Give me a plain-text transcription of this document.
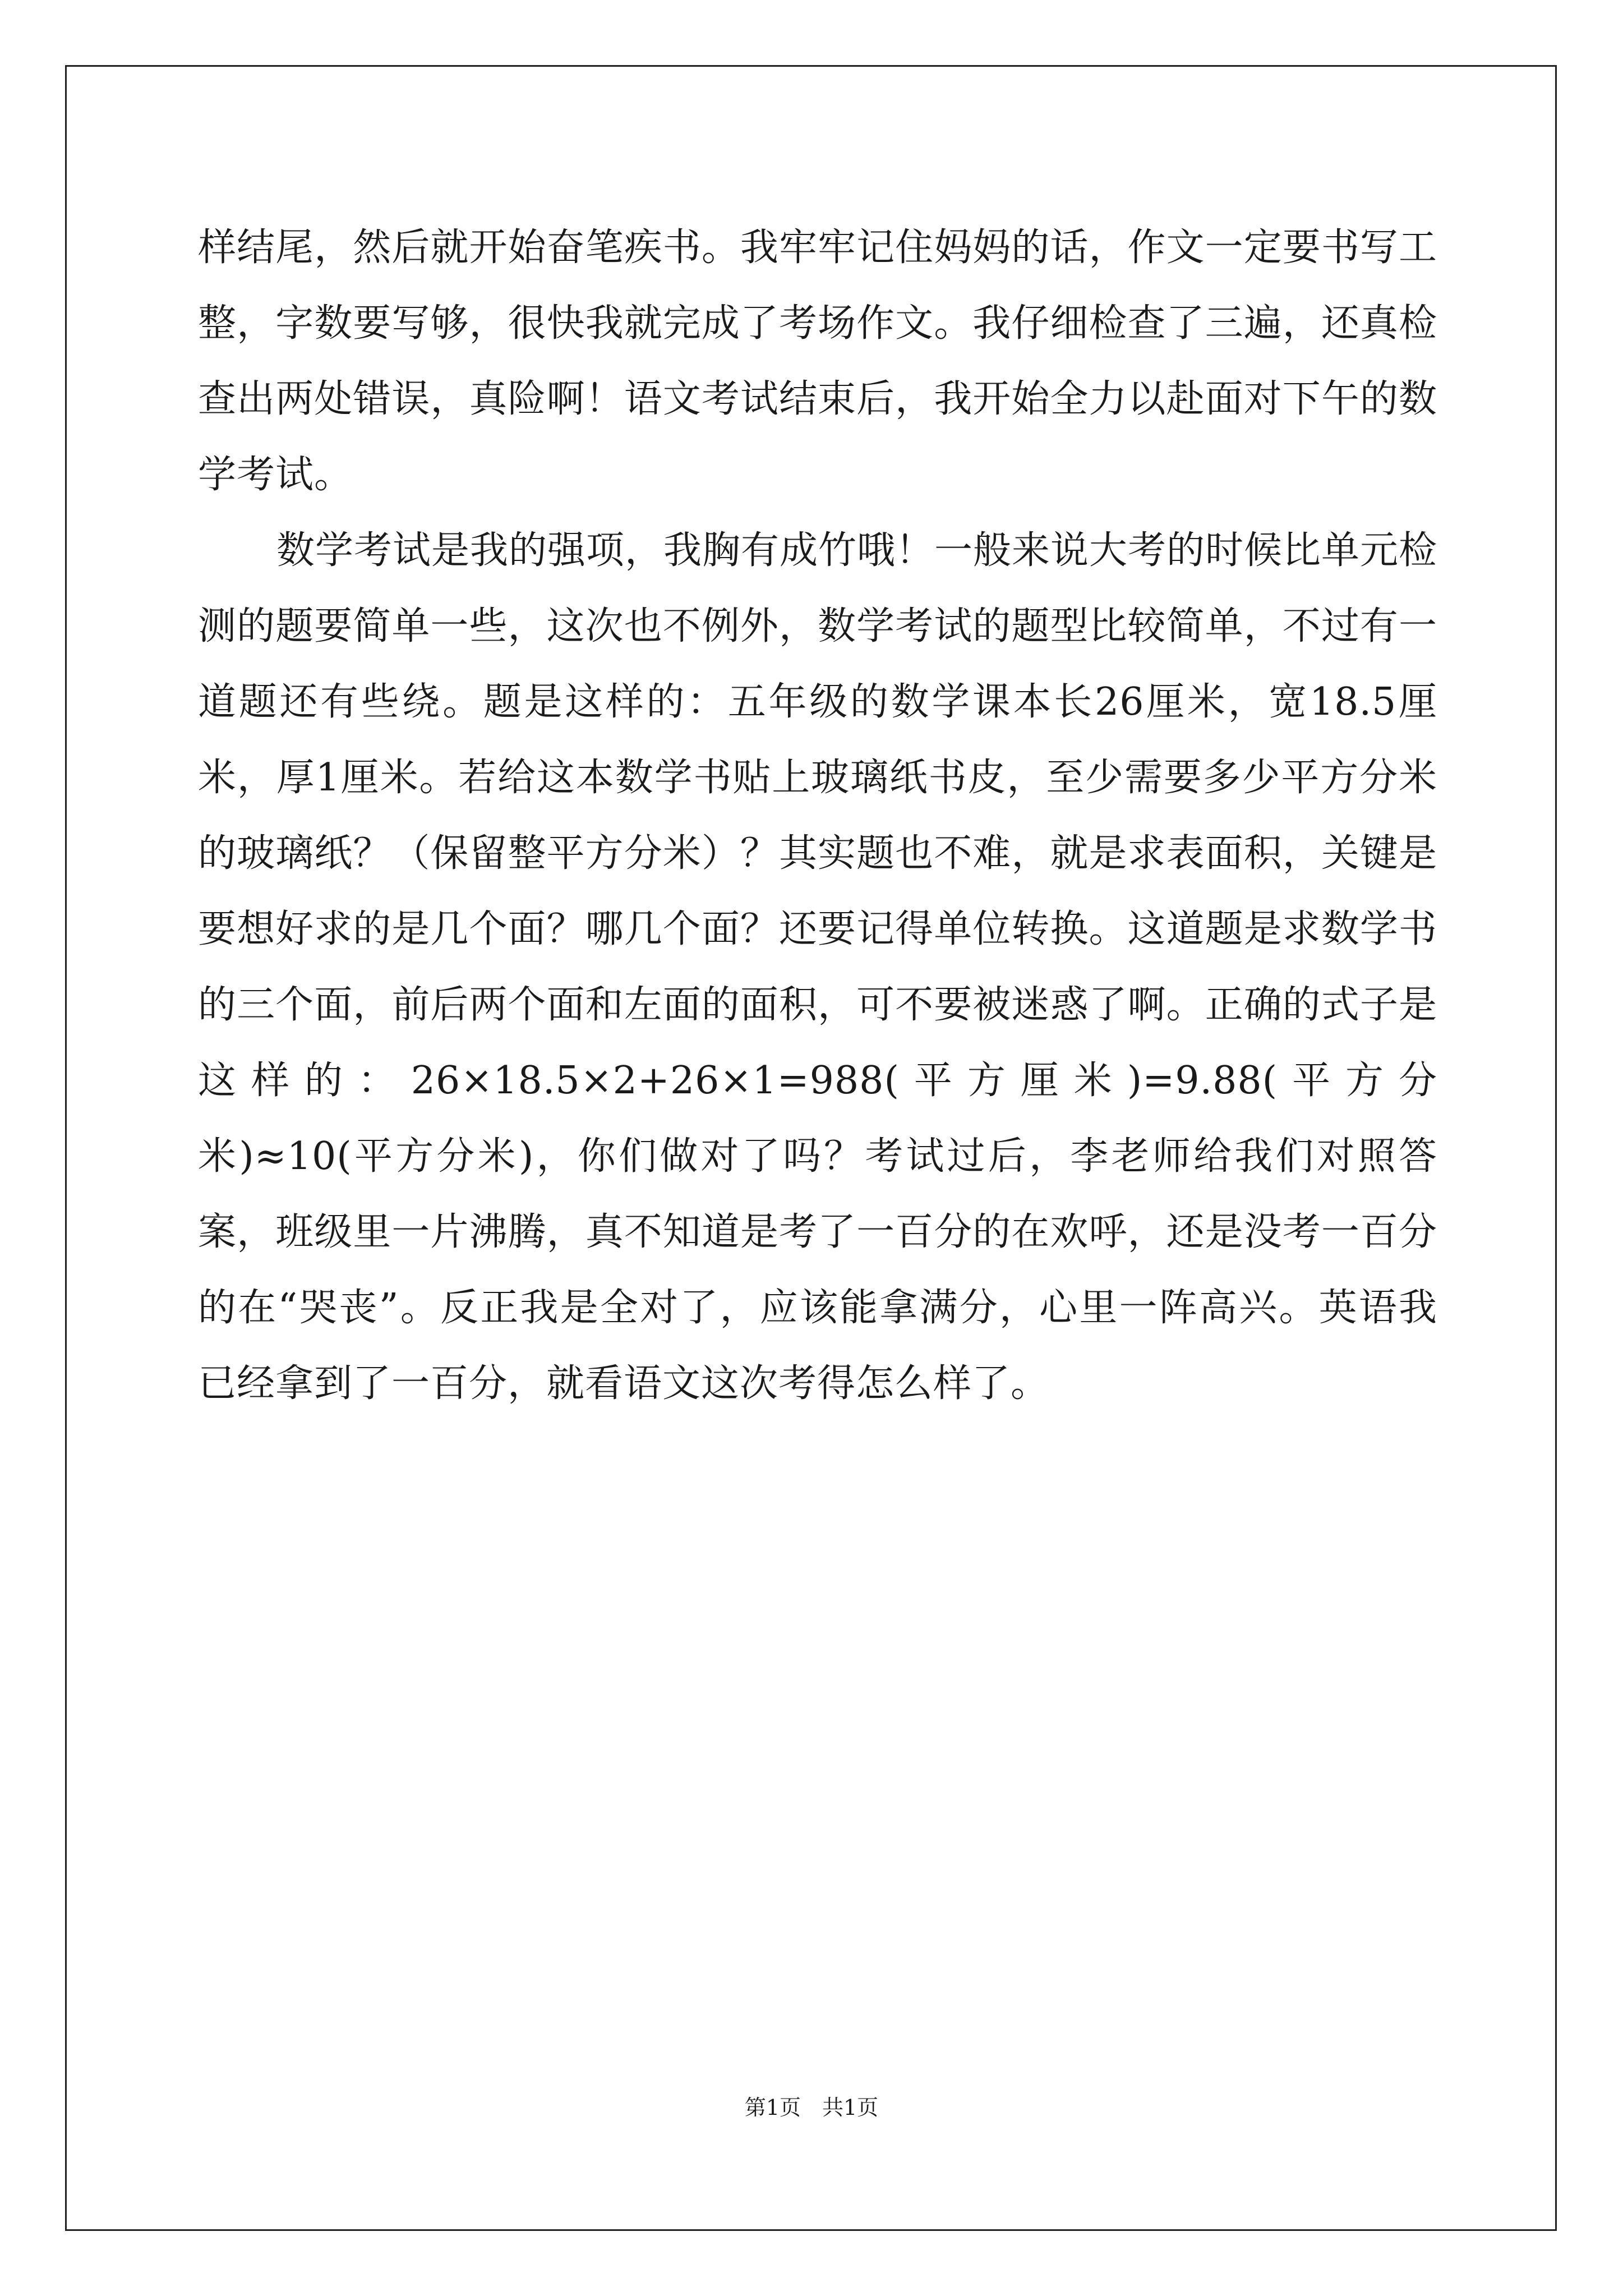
样结尾，然后就开始奋笔疾书。我牢牢记住妈妈的话，作文一定要书写工整，字数要写够，很快我就完成了考场作文。我仔细检查了三遍，还真检查出两处错误，真险啊！语文考试结束后，我开始全力以赴面对下午的数学考试。

数学考试是我的强项，我胸有成竹哦！一般来说大考的时候比单元检测的题要简单一些，这次也不例外，数学考试的题型比较简单，不过有一道题还有些绕。题是这样的：五年级的数学课本长26厘米，宽18.5厘米，厚1厘米。若给这本数学书贴上玻璃纸书皮，至少需要多少平方分米的玻璃纸？（保留整平方分米）？其实题也不难，就是求表面积，关键是要想好求的是几个面？哪几个面？还要记得单位转换。这道题是求数学书的三个面，前后两个面和左面的面积，可不要被迷惑了啊。正确的式子是这样的：26×18.5×2+26×1=988(平方厘米)=9.88(平方分米)≈10(平方分米)，你们做对了吗？考试过后，李老师给我们对照答案，班级里一片沸腾，真不知道是考了一百分的在欢呼，还是没考一百分的在“哭丧”。反正我是全对了，应该能拿满分，心里一阵高兴。英语我已经拿到了一百分，就看语文这次考得怎么样了。

第1页　共1页
